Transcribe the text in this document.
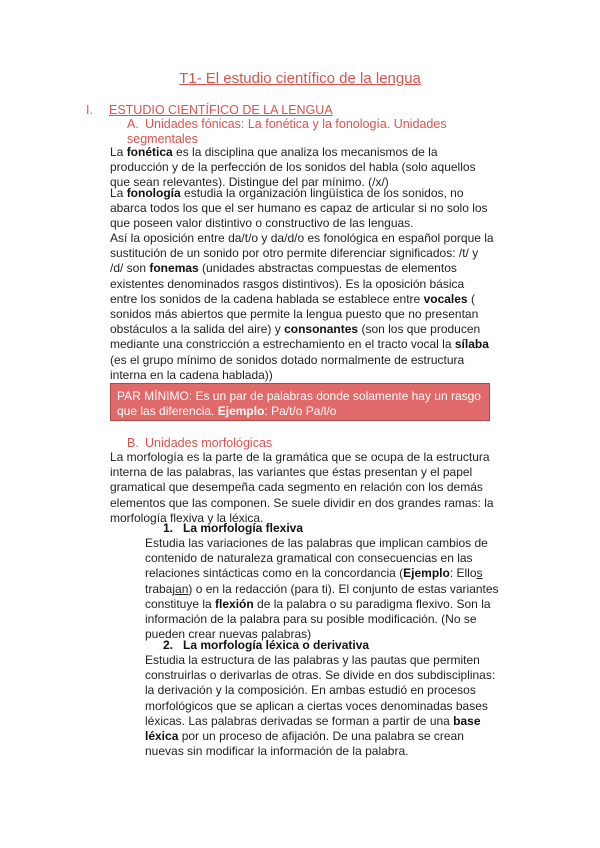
T1- El estudio científico de la lengua
I. ESTUDIO CIENTÍFICO DE LA LENGUA
A. Unidades fónicas: La fonética y la fonología. Unidades segmentales

La fonética es la disciplina que analiza los mecanismos de la producción y de la perfección de los sonidos del habla (solo aquellos que sean relevantes). Distingue del par mínimo. (/x/)

La fonología estudia la organización lingüística de los sonidos, no abarca todos los que el ser humano es capaz de articular si no solo los que poseen valor distintivo o constructivo de las lenguas.

Así la oposición entre da/t/o y da/d/o es fonológica en español porque la sustitución de un sonido por otro permite diferenciar significados: /t/ y /d/ son fonemas (unidades abstractas compuestas de elementos existentes denominados rasgos distintivos). Es la oposición básica entre los sonidos de la cadena hablada se establece entre vocales ( sonidos más abiertos que permite la lengua puesto que no presentan obstáculos a la salida del aire) y consonantes (son los que producen mediante una constricción a estrechamiento en el tracto vocal la sílaba (es el grupo mínimo de sonidos dotado normalmente de estructura interna en la cadena hablada))

PAR MÍNIMO: Es un par de palabras donde solamente hay un rasgo que las diferencia. Ejemplo: Pa/t/o Pa/l/o
B. Unidades morfológicas

La morfología es la parte de la gramática que se ocupa de la estructura interna de las palabras, las variantes que éstas presentan y el papel gramatical que desempeña cada segmento en relación con los demás elementos que las componen. Se suele dividir en dos grandes ramas: la morfología flexiva y la léxica.

1. La morfología flexiva

Estudia las variaciones de las palabras que implican cambios de contenido de naturaleza gramatical con consecuencias en las relaciones sintácticas como en la concordancia (Ejemplo: Ellos trabajan) o en la redacción (para ti). El conjunto de estas variantes constituye la flexión de la palabra o su paradigma flexivo. Son la información de la palabra para su posible modificación. (No se pueden crear nuevas palabras)

2. La morfología léxica o derivativa

Estudia la estructura de las palabras y las pautas que permiten construirlas o derivarlas de otras. Se divide en dos subdisciplinas: la derivación y la composición. En ambas estudió en procesos morfológicos que se aplican a ciertas voces denominadas bases léxicas. Las palabras derivadas se forman a partir de una base léxica por un proceso de afijación. De una palabra se crean nuevas sin modificar la información de la palabra.
